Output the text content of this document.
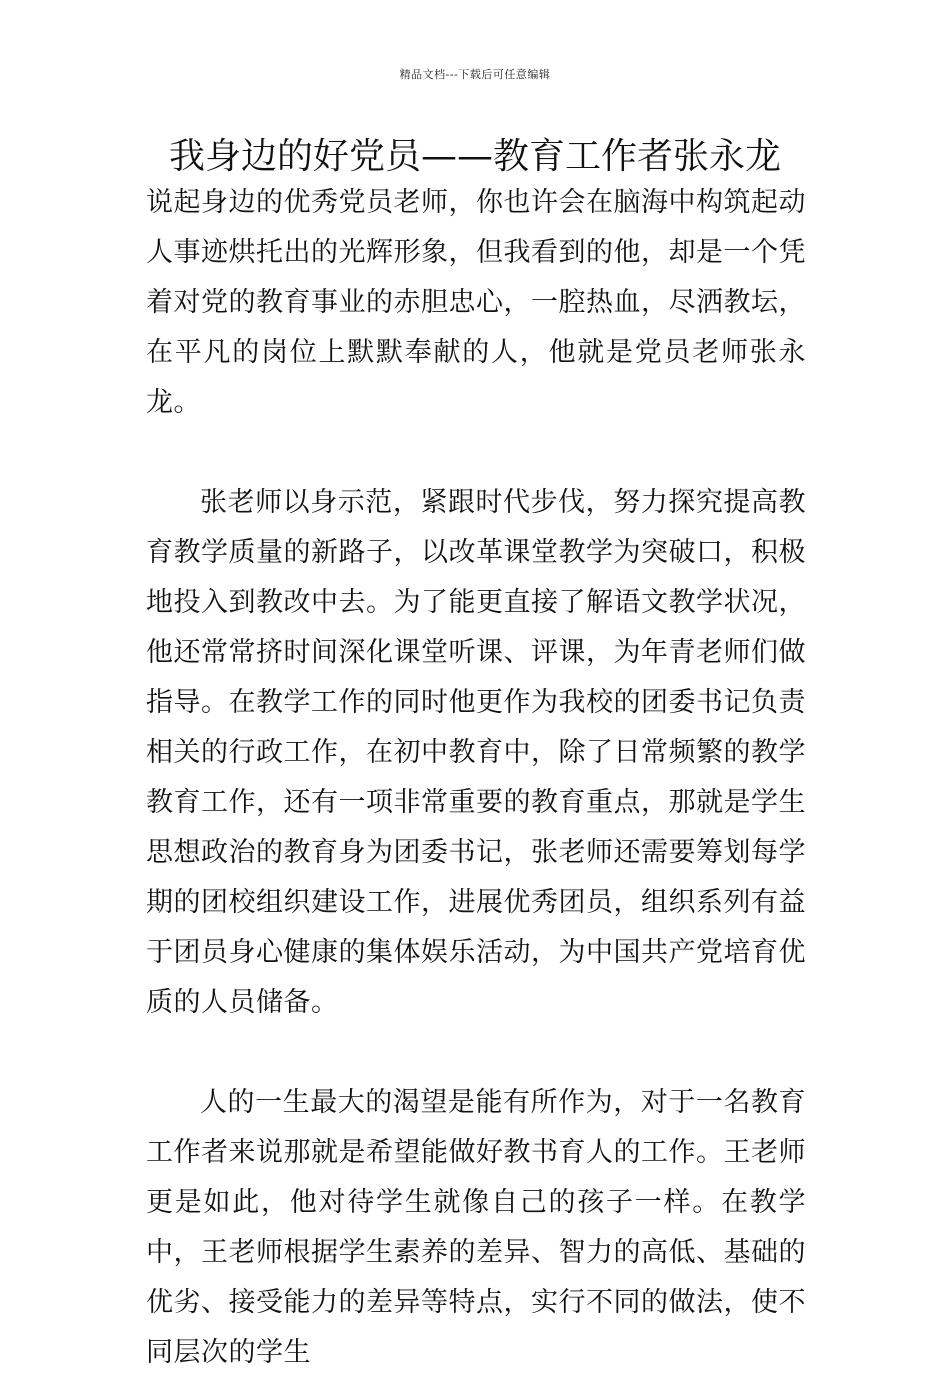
精品文档---下载后可任意编辑
我身边的好党员——教育工作者张永龙

说起身边的优秀党员老师，你也许会在脑海中构筑起动人事迹烘托出的光辉形象，但我看到的他，却是一个凭着对党的教育事业的赤胆忠心，一腔热血，尽洒教坛，在平凡的岗位上默默奉献的人，他就是党员老师张永龙。

张老师以身示范，紧跟时代步伐，努力探究提高教育教学质量的新路子，以改革课堂教学为突破口，积极地投入到教改中去。为了能更直接了解语文教学状况，他还常常挤时间深化课堂听课、评课，为年青老师们做指导。在教学工作的同时他更作为我校的团委书记负责相关的行政工作，在初中教育中，除了日常频繁的教学教育工作，还有一项非常重要的教育重点，那就是学生思想政治的教育身为团委书记，张老师还需要筹划每学期的团校组织建设工作，进展优秀团员，组织系列有益于团员身心健康的集体娱乐活动，为中国共产党培育优质的人员储备。

人的一生最大的渴望是能有所作为，对于一名教育工作者来说那就是希望能做好教书育人的工作。王老师更是如此，他对待学生就像自己的孩子一样。在教学中，王老师根据学生素养的差异、智力的高低、基础的优劣、接受能力的差异等特点，实行不同的做法，使不同层次的学生
